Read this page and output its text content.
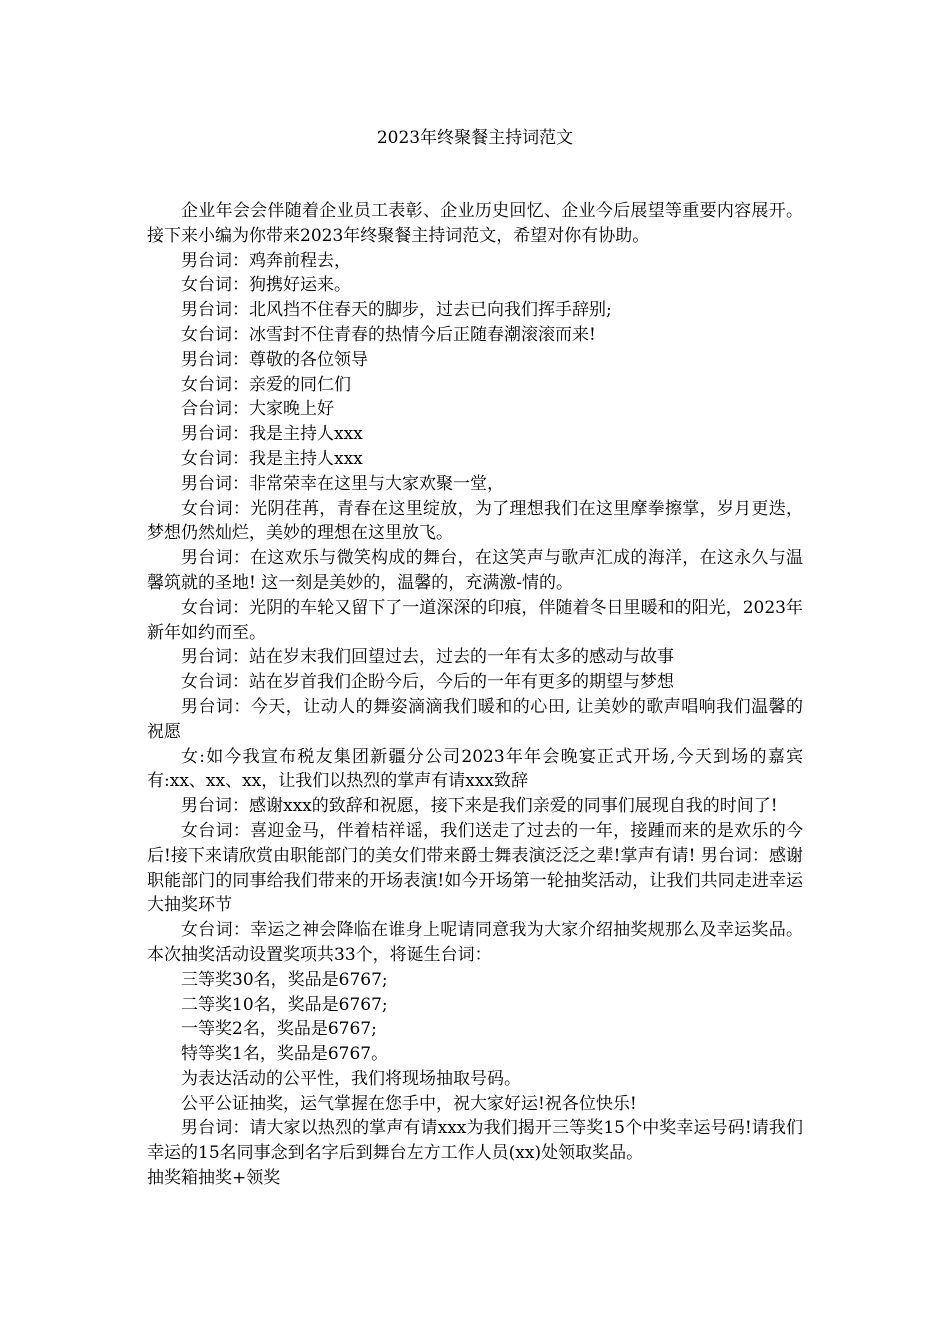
2023年终聚餐主持词范文

企业年会会伴随着企业员工表彰、企业历史回忆、企业今后展望等重要内容展开。接下来小编为你带来2023年终聚餐主持词范文，希望对你有协助。

男台词：鸡奔前程去，

女台词：狗携好运来。

男台词：北风挡不住春天的脚步，过去已向我们挥手辞别;

女台词：冰雪封不住青春的热情今后正随春潮滚滚而来!

男台词：尊敬的各位领导

女台词：亲爱的同仁们

合台词：大家晚上好

男台词：我是主持人xxx

女台词：我是主持人xxx

男台词：非常荣幸在这里与大家欢聚一堂，

女台词：光阴荏苒，青春在这里绽放，为了理想我们在这里摩拳擦掌，岁月更迭，梦想仍然灿烂，美妙的理想在这里放飞。

男台词：在这欢乐与微笑构成的舞台，在这笑声与歌声汇成的海洋，在这永久与温馨筑就的圣地! 这一刻是美妙的，温馨的，充满激-情的。

女台词：光阴的车轮又留下了一道深深的印痕，伴随着冬日里暖和的阳光，2023年新年如约而至。

男台词：站在岁末我们回望过去，过去的一年有太多的感动与故事

女台词：站在岁首我们企盼今后，今后的一年有更多的期望与梦想

男台词：今天，让动人的舞姿滴滴我们暖和的心田, 让美妙的歌声唱响我们温馨的祝愿

女:如今我宣布税友集团新疆分公司2023年年会晚宴正式开场,今天到场的嘉宾有:xx、xx、xx，让我们以热烈的掌声有请xxx致辞

男台词：感谢xxx的致辞和祝愿，接下来是我们亲爱的同事们展现自我的时间了!

女台词：喜迎金马，伴着桔祥谣，我们送走了过去的一年，接踵而来的是欢乐的今后!接下来请欣赏由职能部门的美女们带来爵士舞表演泛泛之辈!掌声有请! 男台词：感谢职能部门的同事给我们带来的开场表演!如今开场第一轮抽奖活动，让我们共同走进幸运大抽奖环节

女台词：幸运之神会降临在谁身上呢请同意我为大家介绍抽奖规那么及幸运奖品。 本次抽奖活动设置奖项共33个，将诞生台词：

三等奖30名，奖品是6767;

二等奖10名，奖品是6767;

一等奖2名，奖品是6767;

特等奖1名，奖品是6767。

为表达活动的公平性，我们将现场抽取号码。

公平公证抽奖，运气掌握在您手中，祝大家好运!祝各位快乐!

男台词：请大家以热烈的掌声有请xxx为我们揭开三等奖15个中奖幸运号码!请我们幸运的15名同事念到名字后到舞台左方工作人员(xx)处领取奖品。

抽奖箱抽奖+领奖
